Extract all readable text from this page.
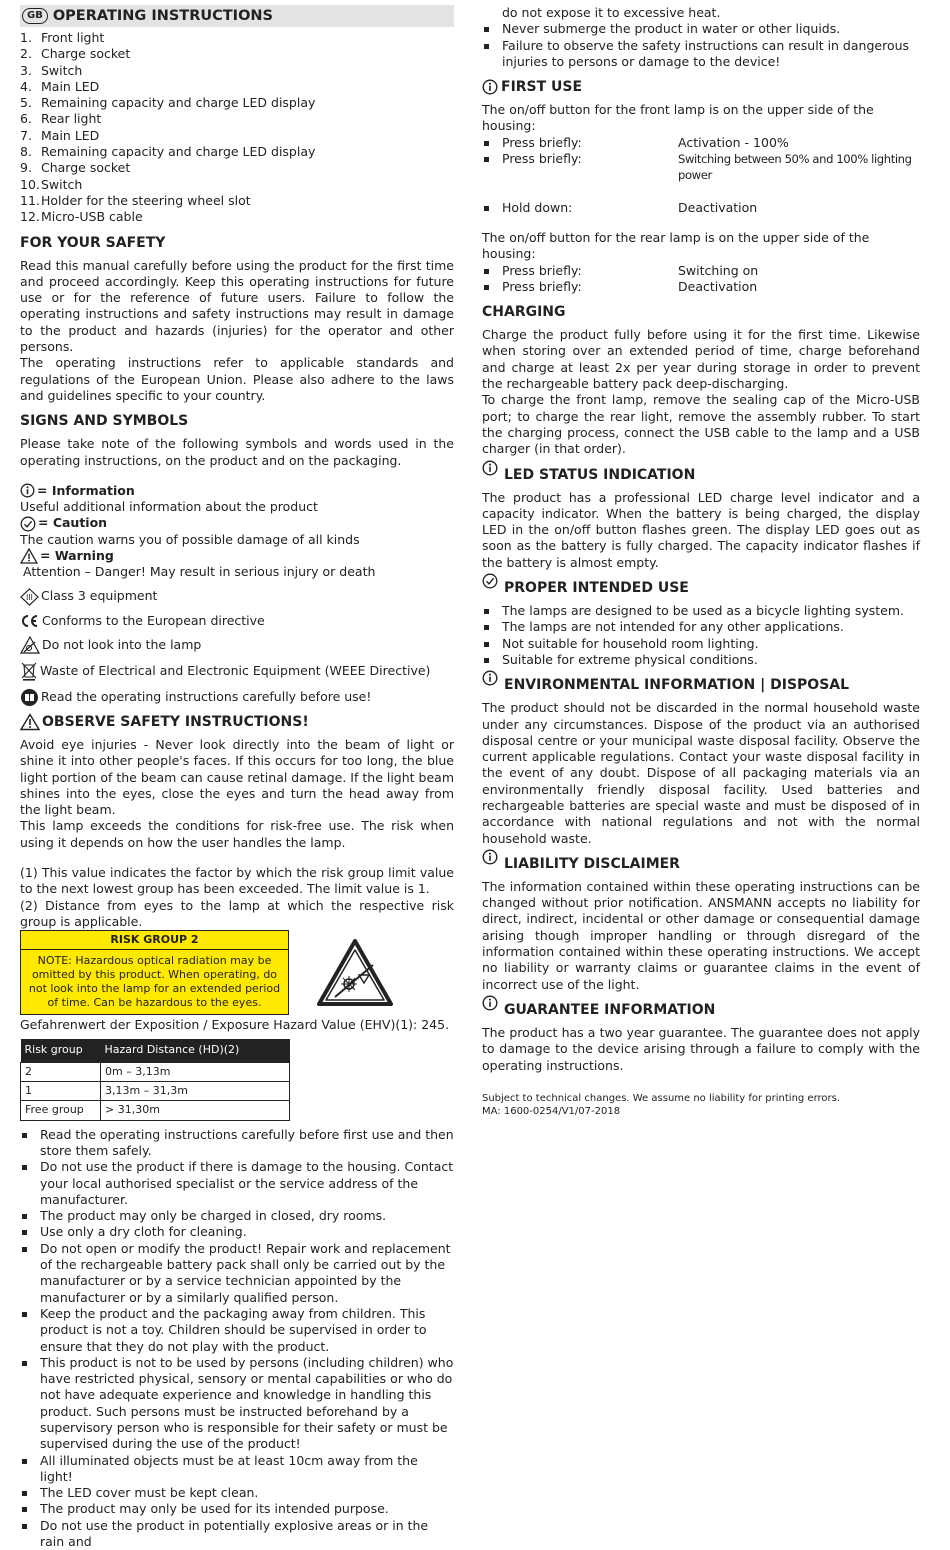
GB OPERATING INSTRUCTIONS
1. Front light
2. Charge socket
3. Switch
4. Main LED
5. Remaining capacity and charge LED display
6. Rear light
7. Main LED
8. Remaining capacity and charge LED display
9. Charge socket
10. Switch
11. Holder for the steering wheel slot
12. Micro-USB cable
FOR YOUR SAFETY

Read this manual carefully before using the product for the first time and proceed accordingly. Keep this operating instructions for future use or for the reference of future users. Failure to follow the operating instructions and safety instructions may result in damage to the product and hazards (injuries) for the operator and other persons.

The operating instructions refer to applicable standards and regulations of the European Union. Please also adhere to the laws and guidelines specific to your country.

SIGNS AND SYMBOLS

Please take note of the following symbols and words used in the operating instructions, on the product and on the packaging.

= Information
Useful additional information about the product
= Caution
The caution warns you of possible damage of all kinds
= Warning
Attention – Danger! May result in serious injury or death
III Class 3 equipment
Conforms to the European directive
Do not look into the lamp
Waste of Electrical and Electronic Equipment (WEEE Directive)
Read the operating instructions carefully before use!
OBSERVE SAFETY INSTRUCTIONS!

Avoid eye injuries - Never look directly into the beam of light or shine it into other people's faces. If this occurs for too long, the blue light portion of the beam can cause retinal damage. If the light beam shines into the eyes, close the eyes and turn the head away from the light beam.

This lamp exceeds the conditions for risk-free use. The risk when using it depends on how the user handles the lamp.

(1) This value indicates the factor by which the risk group limit value to the next lowest group has been exceeded. The limit value is 1.

(2) Distance from eyes to the lamp at which the respective risk group is applicable.

RISK GROUP 2
NOTE: Hazardous optical radiation may be omitted by this product. When operating, do not look into the lamp for an extended period of time. Can be hazardous to the eyes.
Gefahrenwert der Exposition / Exposure Hazard Value (EHV)(1): 245.
Risk group	Hazard Distance (HD)(2)
2	0m – 3,13m
1	3,13m – 31,3m
Free group	> 31,30m
Read the operating instructions carefully before first use and then store them safely.
Do not use the product if there is damage to the housing. Contact your local authorised specialist or the service address of the manufacturer.
The product may only be charged in closed, dry rooms.
Use only a dry cloth for cleaning.
Do not open or modify the product! Repair work and replacement of the rechargeable battery pack shall only be carried out by the manufacturer or by a service technician appointed by the manufacturer or by a similarly qualified person.
Keep the product and the packaging away from children. This product is not a toy. Children should be supervised in order to ensure that they do not play with the product.
This product is not to be used by persons (including children) who have restricted physical, sensory or mental capabilities or who do not have adequate experience and knowledge in handling this product. Such persons must be instructed beforehand by a supervisory person who is responsible for their safety or must be supervised during the use of the product!
All illuminated objects must be at least 10cm away from the light!
The LED cover must be kept clean.
The product may only be used for its intended purpose.
Do not use the product in potentially explosive areas or in the rain and
do not expose it to excessive heat.
Never submerge the product in water or other liquids.
Failure to observe the safety instructions can result in dangerous injuries to persons or damage to the device!
FIRST USE
The on/off button for the front lamp is on the upper side of the housing:
Press briefly:	Activation - 100%
Press briefly:	Switching between 50% and 100% lighting power
Hold down:	Deactivation
The on/off button for the rear lamp is on the upper side of the housing:
Press briefly:	Switching on
Press briefly:	Deactivation
CHARGING

Charge the product fully before using it for the first time. Likewise when storing over an extended period of time, charge beforehand and charge at least 2x per year during storage in order to prevent the rechargeable battery pack deep-discharging.

To charge the front lamp, remove the sealing cap of the Micro-USB port; to charge the rear light, remove the assembly rubber. To start the charging process, connect the USB cable to the lamp and a USB charger (in that order).

LED STATUS INDICATION

The product has a professional LED charge level indicator and a capacity indicator. When the battery is being charged, the display LED in the on/off button flashes green. The display LED goes out as soon as the battery is fully charged. The capacity indicator flashes if the battery is almost empty.

PROPER INTENDED USE
The lamps are designed to be used as a bicycle lighting system.
The lamps are not intended for any other applications.
Not suitable for household room lighting.
Suitable for extreme physical conditions.
ENVIRONMENTAL INFORMATION | DISPOSAL

The product should not be discarded in the normal household waste under any circumstances. Dispose of the product via an authorised disposal centre or your municipal waste disposal facility. Observe the current applicable regulations. Contact your waste disposal facility in the event of any doubt. Dispose of all packaging materials via an environmentally friendly disposal facility. Used batteries and rechargeable batteries are special waste and must be disposed of in accordance with national regulations and not with the normal household waste.

LIABILITY DISCLAIMER

The information contained within these operating instructions can be changed without prior notification. ANSMANN accepts no liability for direct, indirect, incidental or other damage or consequential damage arising though improper handling or through disregard of the information contained within these operating instructions. We accept no liability or warranty claims or guarantee claims in the event of incorrect use of the light.

GUARANTEE INFORMATION

The product has a two year guarantee. The guarantee does not apply to damage to the device arising through a failure to comply with the operating instructions.

Subject to technical changes. We assume no liability for printing errors.

MA: 1600-0254/V1/07-2018
